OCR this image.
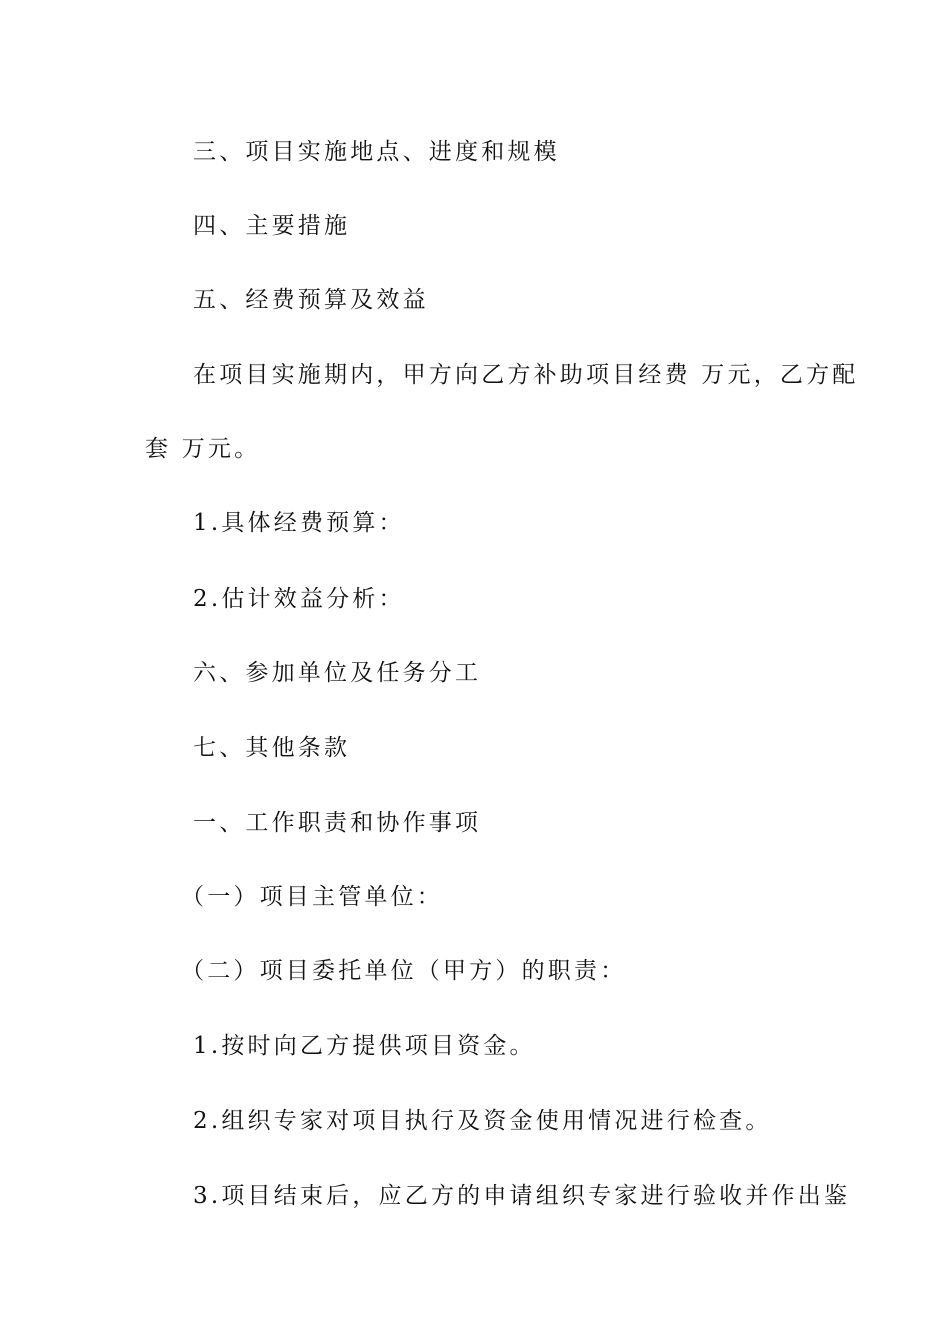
三、项目实施地点、进度和规模
四、主要措施
五、经费预算及效益
在项目实施期内，甲方向乙方补助项目经费 万元，乙方配
套 万元。
1.具体经费预算：
2.估计效益分析：
六、参加单位及任务分工
七、其他条款
一、工作职责和协作事项
（一）项目主管单位：
（二）项目委托单位（甲方）的职责：
1.按时向乙方提供项目资金。
2.组织专家对项目执行及资金使用情况进行检查。
3.项目结束后，应乙方的申请组织专家进行验收并作出鉴
